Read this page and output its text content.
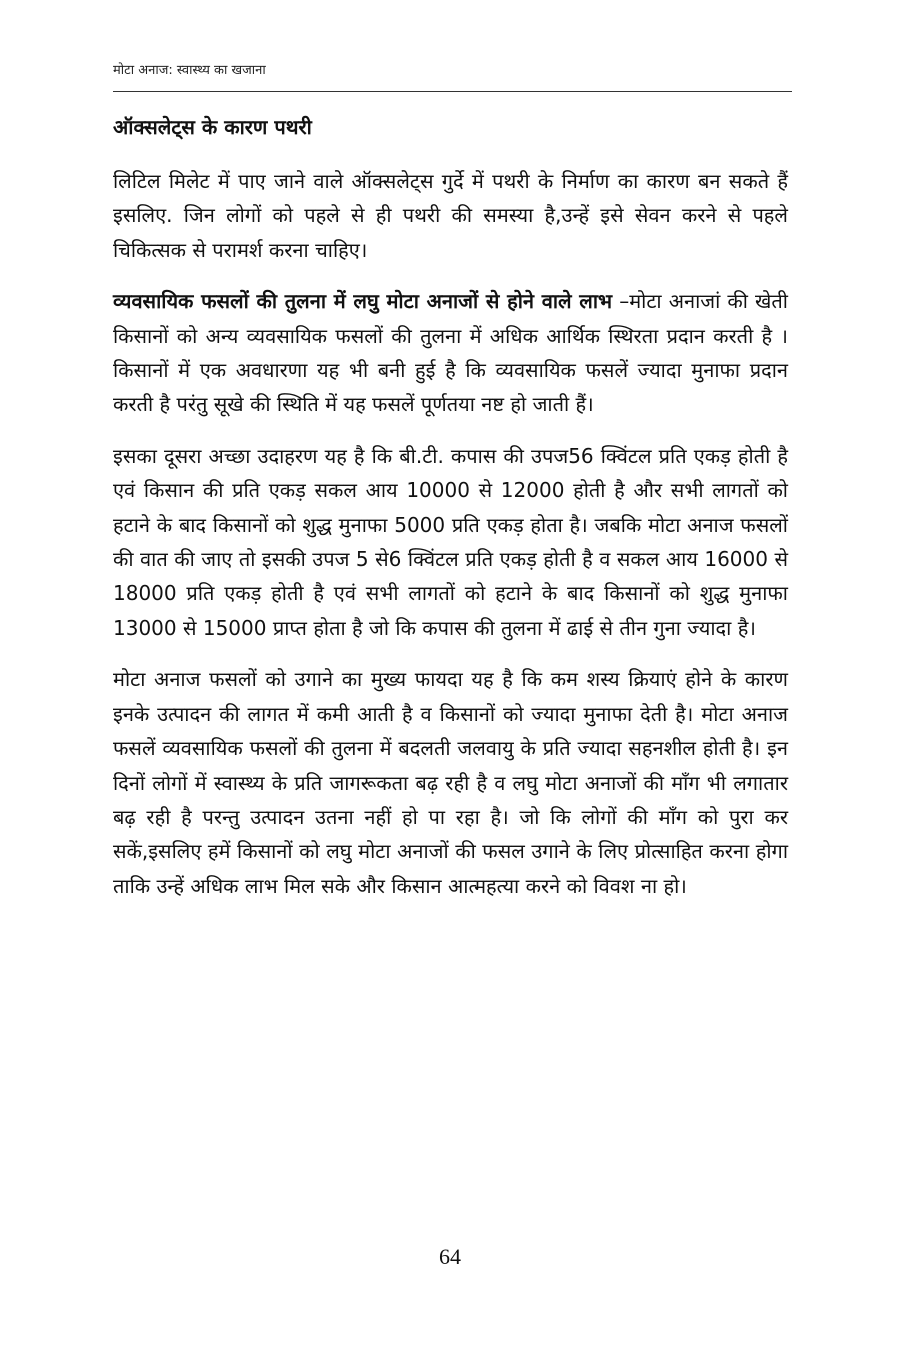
मोटा अनाज: स्वास्थ्य का खजाना
ऑक्सलेट्स के कारण पथरी

लिटिल मिलेट में पाए जाने वाले ऑक्सलेट्स गुर्दे में पथरी के निर्माण का कारण बन सकते हैं इसलिए. जिन लोगों को पहले से ही पथरी की समस्या है,उन्हें इसे सेवन करने से पहले चिकित्सक से परामर्श करना चाहिए।

व्यवसायिक फसलों की तुलना में लघु मोटा अनाजों से होने वाले लाभ –मोटा अनाजां की खेती किसानों को अन्य व्यवसायिक फसलों की तुलना में अधिक आर्थिक स्थिरता प्रदान करती है । किसानों में एक अवधारणा यह भी बनी हुई है कि व्यवसायिक फसलें ज्यादा मुनाफा प्रदान करती है परंतु सूखे की स्थिति में यह फसलें पूर्णतया नष्ट हो जाती हैं।

इसका दूसरा अच्छा उदाहरण यह है कि बी.टी. कपास की उपज56 क्विंटल प्रति एकड़ होती है एवं किसान की प्रति एकड़ सकल आय 10000 से 12000 होती है और सभी लागतों को हटाने के बाद किसानों को शुद्ध मुनाफा 5000 प्रति एकड़ होता है। जबकि मोटा अनाज फसलों की वात की जाए तो इसकी उपज 5 से6 क्विंटल प्रति एकड़ होती है व सकल आय 16000 से 18000 प्रति एकड़ होती है एवं सभी लागतों को हटाने के बाद किसानों को शुद्ध मुनाफा 13000 से 15000 प्राप्त होता है जो कि कपास की तुलना में ढाई से तीन गुना ज्यादा है।

मोटा अनाज फसलों को उगाने का मुख्य फायदा यह है कि कम शस्य क्रियाएं होने के कारण इनके उत्पादन की लागत में कमी आती है व किसानों को ज्यादा मुनाफा देती है। मोटा अनाज फसलें व्यवसायिक फसलों की तुलना में बदलती जलवायु के प्रति ज्यादा सहनशील होती है। इन दिनों लोगों में स्वास्थ्य के प्रति जागरूकता बढ़ रही है व लघु मोटा अनाजों की माँग भी लगातार बढ़ रही है परन्तु उत्पादन उतना नहीं हो पा रहा है। जो कि लोगों की माँग को पुरा कर सकें,इसलिए हमें किसानों को लघु मोटा अनाजों की फसल उगाने के लिए प्रोत्साहित करना होगा ताकि उन्हें अधिक लाभ मिल सके और किसान आत्महत्या करने को विवश ना हो।

64
